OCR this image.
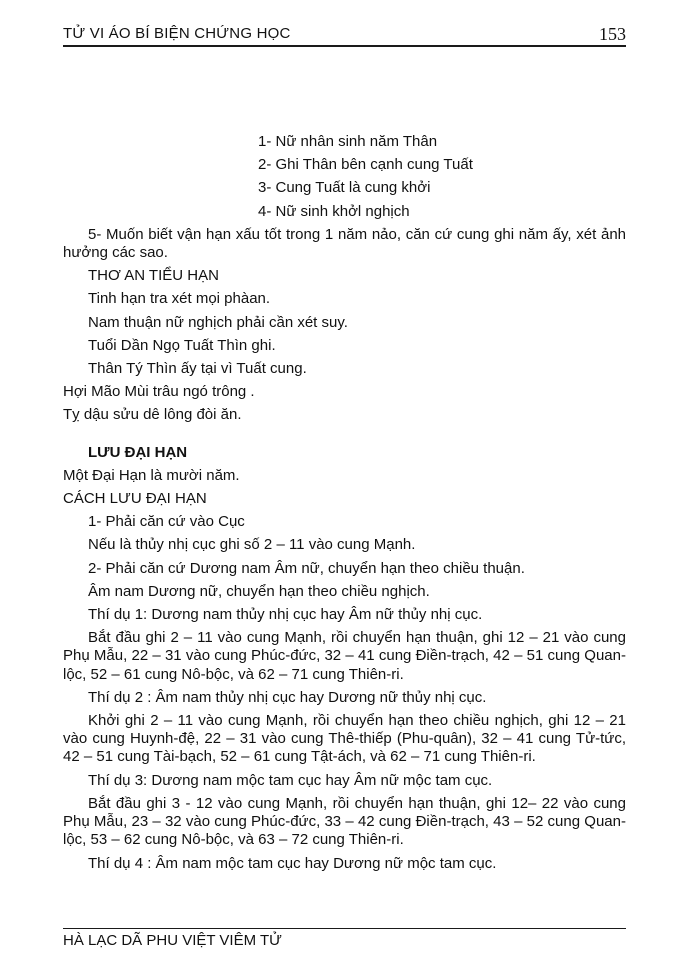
TỬ VI ÁO BÍ BIỆN CHỨNG HỌC	153

1- Nữ nhân sinh năm Thân

2- Ghi Thân bên cạnh cung Tuất

3- Cung Tuất là cung khởi

4- Nữ sinh khởl nghịch

5- Muốn biết vận hạn xấu tốt trong 1 năm nảo, căn cứ cung ghi năm ấy, xét ảnh hưởng các sao.

THƠ AN TIỂU HẠN

Tinh hạn tra xét mọi phàan.

Nam thuận nữ nghịch phải cần xét suy.

Tuổi Dần Ngọ Tuất Thìn ghi.

Thân Tý Thìn ấy tại vì Tuất cung.

Hợi Mão Mùi trâu ngó trông .

Tỵ dậu sửu dê lông đòi ăn.

LƯU ĐẠI HẠN

Một Đại Hạn là mười năm.

CÁCH LƯU ĐẠI HẠN

1- Phải căn cứ vào Cục

Nếu là thủy nhị cục ghi số 2 – 11 vào cung Mạnh.

2- Phải căn cứ Dương nam Âm nữ, chuyển hạn theo chiều thuận.

Âm nam Dương nữ, chuyển hạn theo chiều nghịch.

Thí dụ 1: Dương nam thủy nhị cục hay Âm nữ thủy nhị cục.

Bắt đầu ghi 2 – 11 vào cung Mạnh, rồi chuyển hạn thuận, ghi 12 – 21 vào cung Phụ Mẫu, 22 – 31 vào cung Phúc-đức, 32 – 41 cung Điền-trạch, 42 – 51 cung Quan-lộc, 52 – 61 cung Nô-bộc, và 62 – 71 cung Thiên-ri.

Thí dụ 2 : Âm nam thủy nhị cục hay Dương nữ thủy nhị cục.

Khởi ghi 2 – 11 vào cung Mạnh, rồi chuyển hạn theo chiều nghịch, ghi 12 – 21 vào cung Huynh-đệ, 22 – 31 vào cung Thê-thiếp (Phu-quân), 32 – 41 cung Tử-tức, 42 – 51 cung Tài-bạch, 52 – 61 cung Tật-ách, và 62 – 71 cung Thiên-ri.

Thí dụ 3: Dương nam mộc tam cục hay Âm nữ mộc tam cục.

Bắt đầu ghi 3 - 12 vào cung Mạnh, rồi chuyển hạn thuận, ghi 12– 22 vào cung Phụ Mẫu, 23 – 32 vào cung Phúc-đức, 33 – 42 cung Điền-trạch, 43 – 52 cung Quan-lộc, 53 – 62 cung Nô-bộc, và 63 – 72 cung Thiên-ri.

Thí dụ 4 : Âm nam mộc tam cục hay Dương nữ mộc tam cục.

HÀ LẠC DÃ PHU VIỆT VIÊM TỬ
